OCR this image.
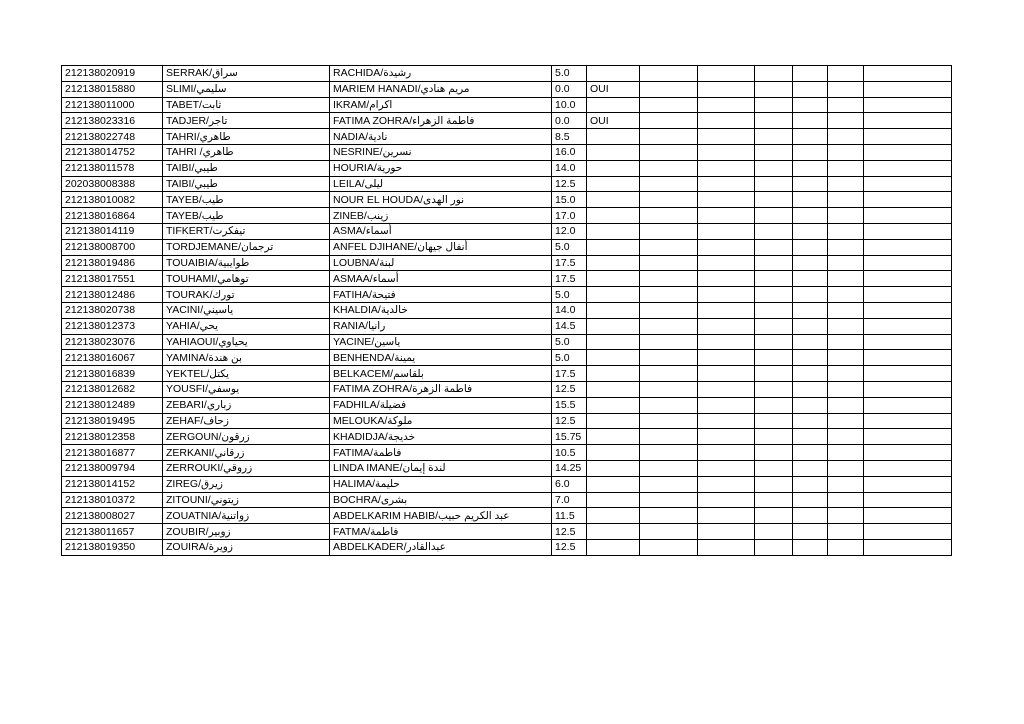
212138020919	SERRAK/سراق	RACHIDA/رشيدة	5.0							
212138015880	SLIMI/سليمي	MARIEM HANADI/مريم هنادي	0.0	OUI						
212138011000	TABET/ثابت	IKRAM/اكرام	10.0							
212138023316	TADJER/تاجر	FATIMA ZOHRA/فاطمة الزهراء	0.0	OUI						
212138022748	TAHRI/طاهري	NADIA/نادية	8.5							
212138014752	TAHRI /طاهري	NESRINE/نسرين	16.0							
212138011578	TAIBI/طيبي	HOURIA/حورية	14.0							
202038008388	TAIBI/طيبي	LEILA/ليلى	12.5							
212138010082	TAYEB/طيب	NOUR EL HOUDA/نور الهدى	15.0							
212138016864	TAYEB/طيب	ZINEB/زينب	17.0							
212138014119	TIFKERT/تيفكرت	ASMA/أسماء	12.0							
212138008700	TORDJEMANE/ترجمان	ANFEL DJIHANE/أنفال جيهان	5.0							
212138019486	TOUAIBIA/طوايبية	LOUBNA/لبنة	17.5							
212138017551	TOUHAMI/توهامي	ASMAA/أسماء	17.5							
212138012486	TOURAK/تورك	FATIHA/فتيحة	5.0							
212138020738	YACINI/ياسيني	KHALDIA/خالدية	14.0							
212138012373	YAHIA/يحي	RANIA/رانيا	14.5							
212138023076	YAHIAOUI/يحياوي	YACINE/ياسين	5.0							
212138016067	YAMINA/بن هندة	BENHENDA/يمينة	5.0							
212138016839	YEKTEL/يكتل	BELKACEM/بلقاسم	17.5							
212138012682	YOUSFI/يوسفي	FATIMA ZOHRA/فاطمة الزهرة	12.5							
212138012489	ZEBARI/زباري	FADHILA/فضيلة	15.5							
212138019495	ZEHAF/زحاف	MELOUKA/ملوكة	12.5							
212138012358	ZERGOUN/زرقون	KHADIDJA/خديجة	15.75							
212138016877	ZERKANI/زرقاني	FATIMA/فاطمة	10.5							
212138009794	ZERROUKI/زروقي	LINDA IMANE/لندة إيمان	14.25							
212138014152	ZIREG/زيرق	HALIMA/حليمة	6.0							
212138010372	ZITOUNI/زيتوني	BOCHRA/بشرى	7.0							
212138008027	ZOUATNIA/زواتنية	ABDELKARIM HABIB/عبد الكريم حبيب	11.5							
212138011657	ZOUBIR/زوبير	FATMA/فاطمة	12.5							
212138019350	ZOUIRA/زويرة	ABDELKADER/عبدالقادر	12.5							
